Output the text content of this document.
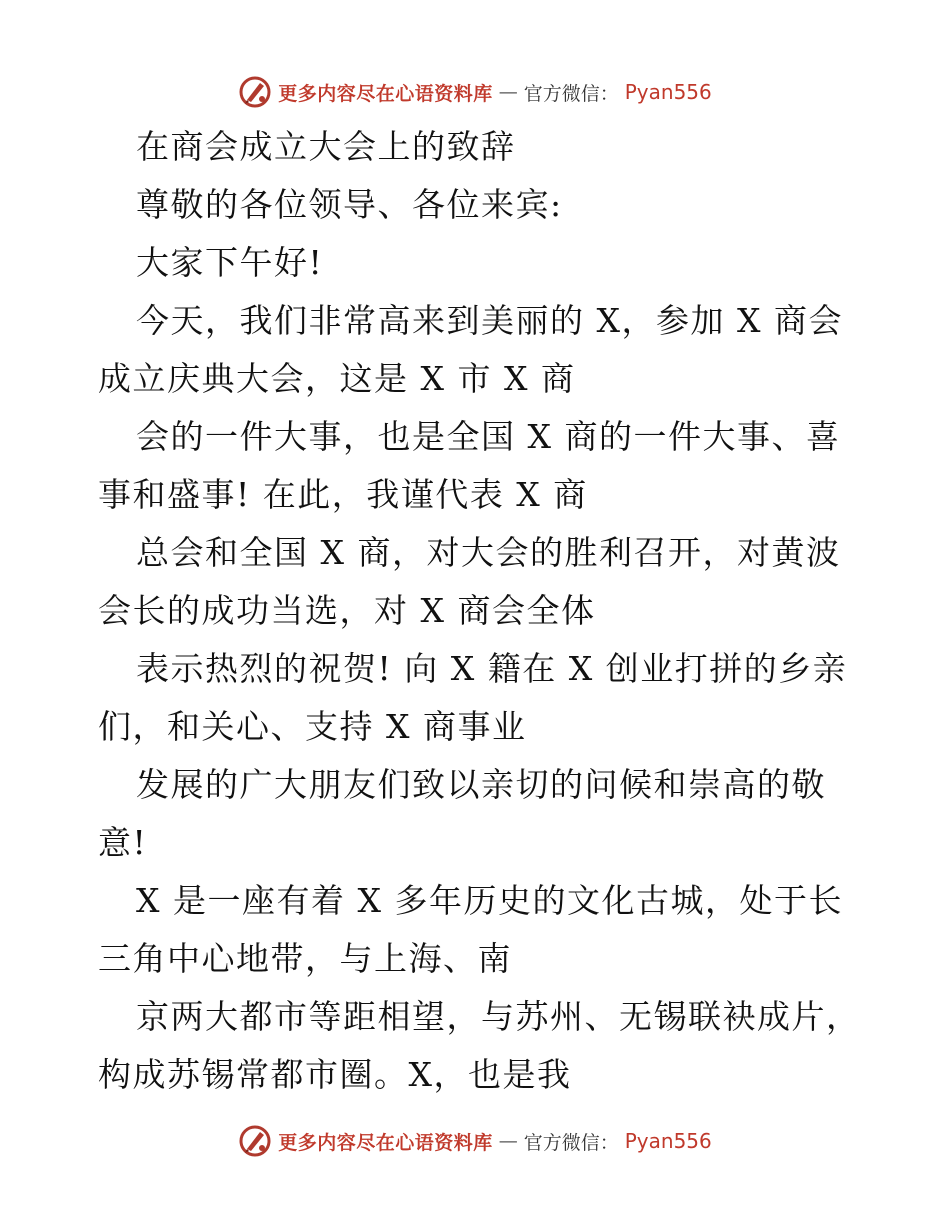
更多内容尽在心语资料库 — 官方微信： Pyan556
在商会成立大会上的致辞
尊敬的各位领导、各位来宾:
大家下午好!
今天，我们非常高来到美丽的 X，参加 X 商会
成立庆典大会，这是 X 市 X 商
会的一件大事，也是全国 X 商的一件大事、喜
事和盛事! 在此，我谨代表 X 商
总会和全国 X 商，对大会的胜利召开，对黄波
会长的成功当选，对 X 商会全体
表示热烈的祝贺! 向 X 籍在 X 创业打拼的乡亲
们，和关心、支持 X 商事业
发展的广大朋友们致以亲切的问候和崇高的敬
意!
X 是一座有着 X 多年历史的文化古城，处于长
三角中心地带，与上海、南
京两大都市等距相望，与苏州、无锡联袂成片，
构成苏锡常都市圈。X，也是我
更多内容尽在心语资料库 — 官方微信： Pyan556
